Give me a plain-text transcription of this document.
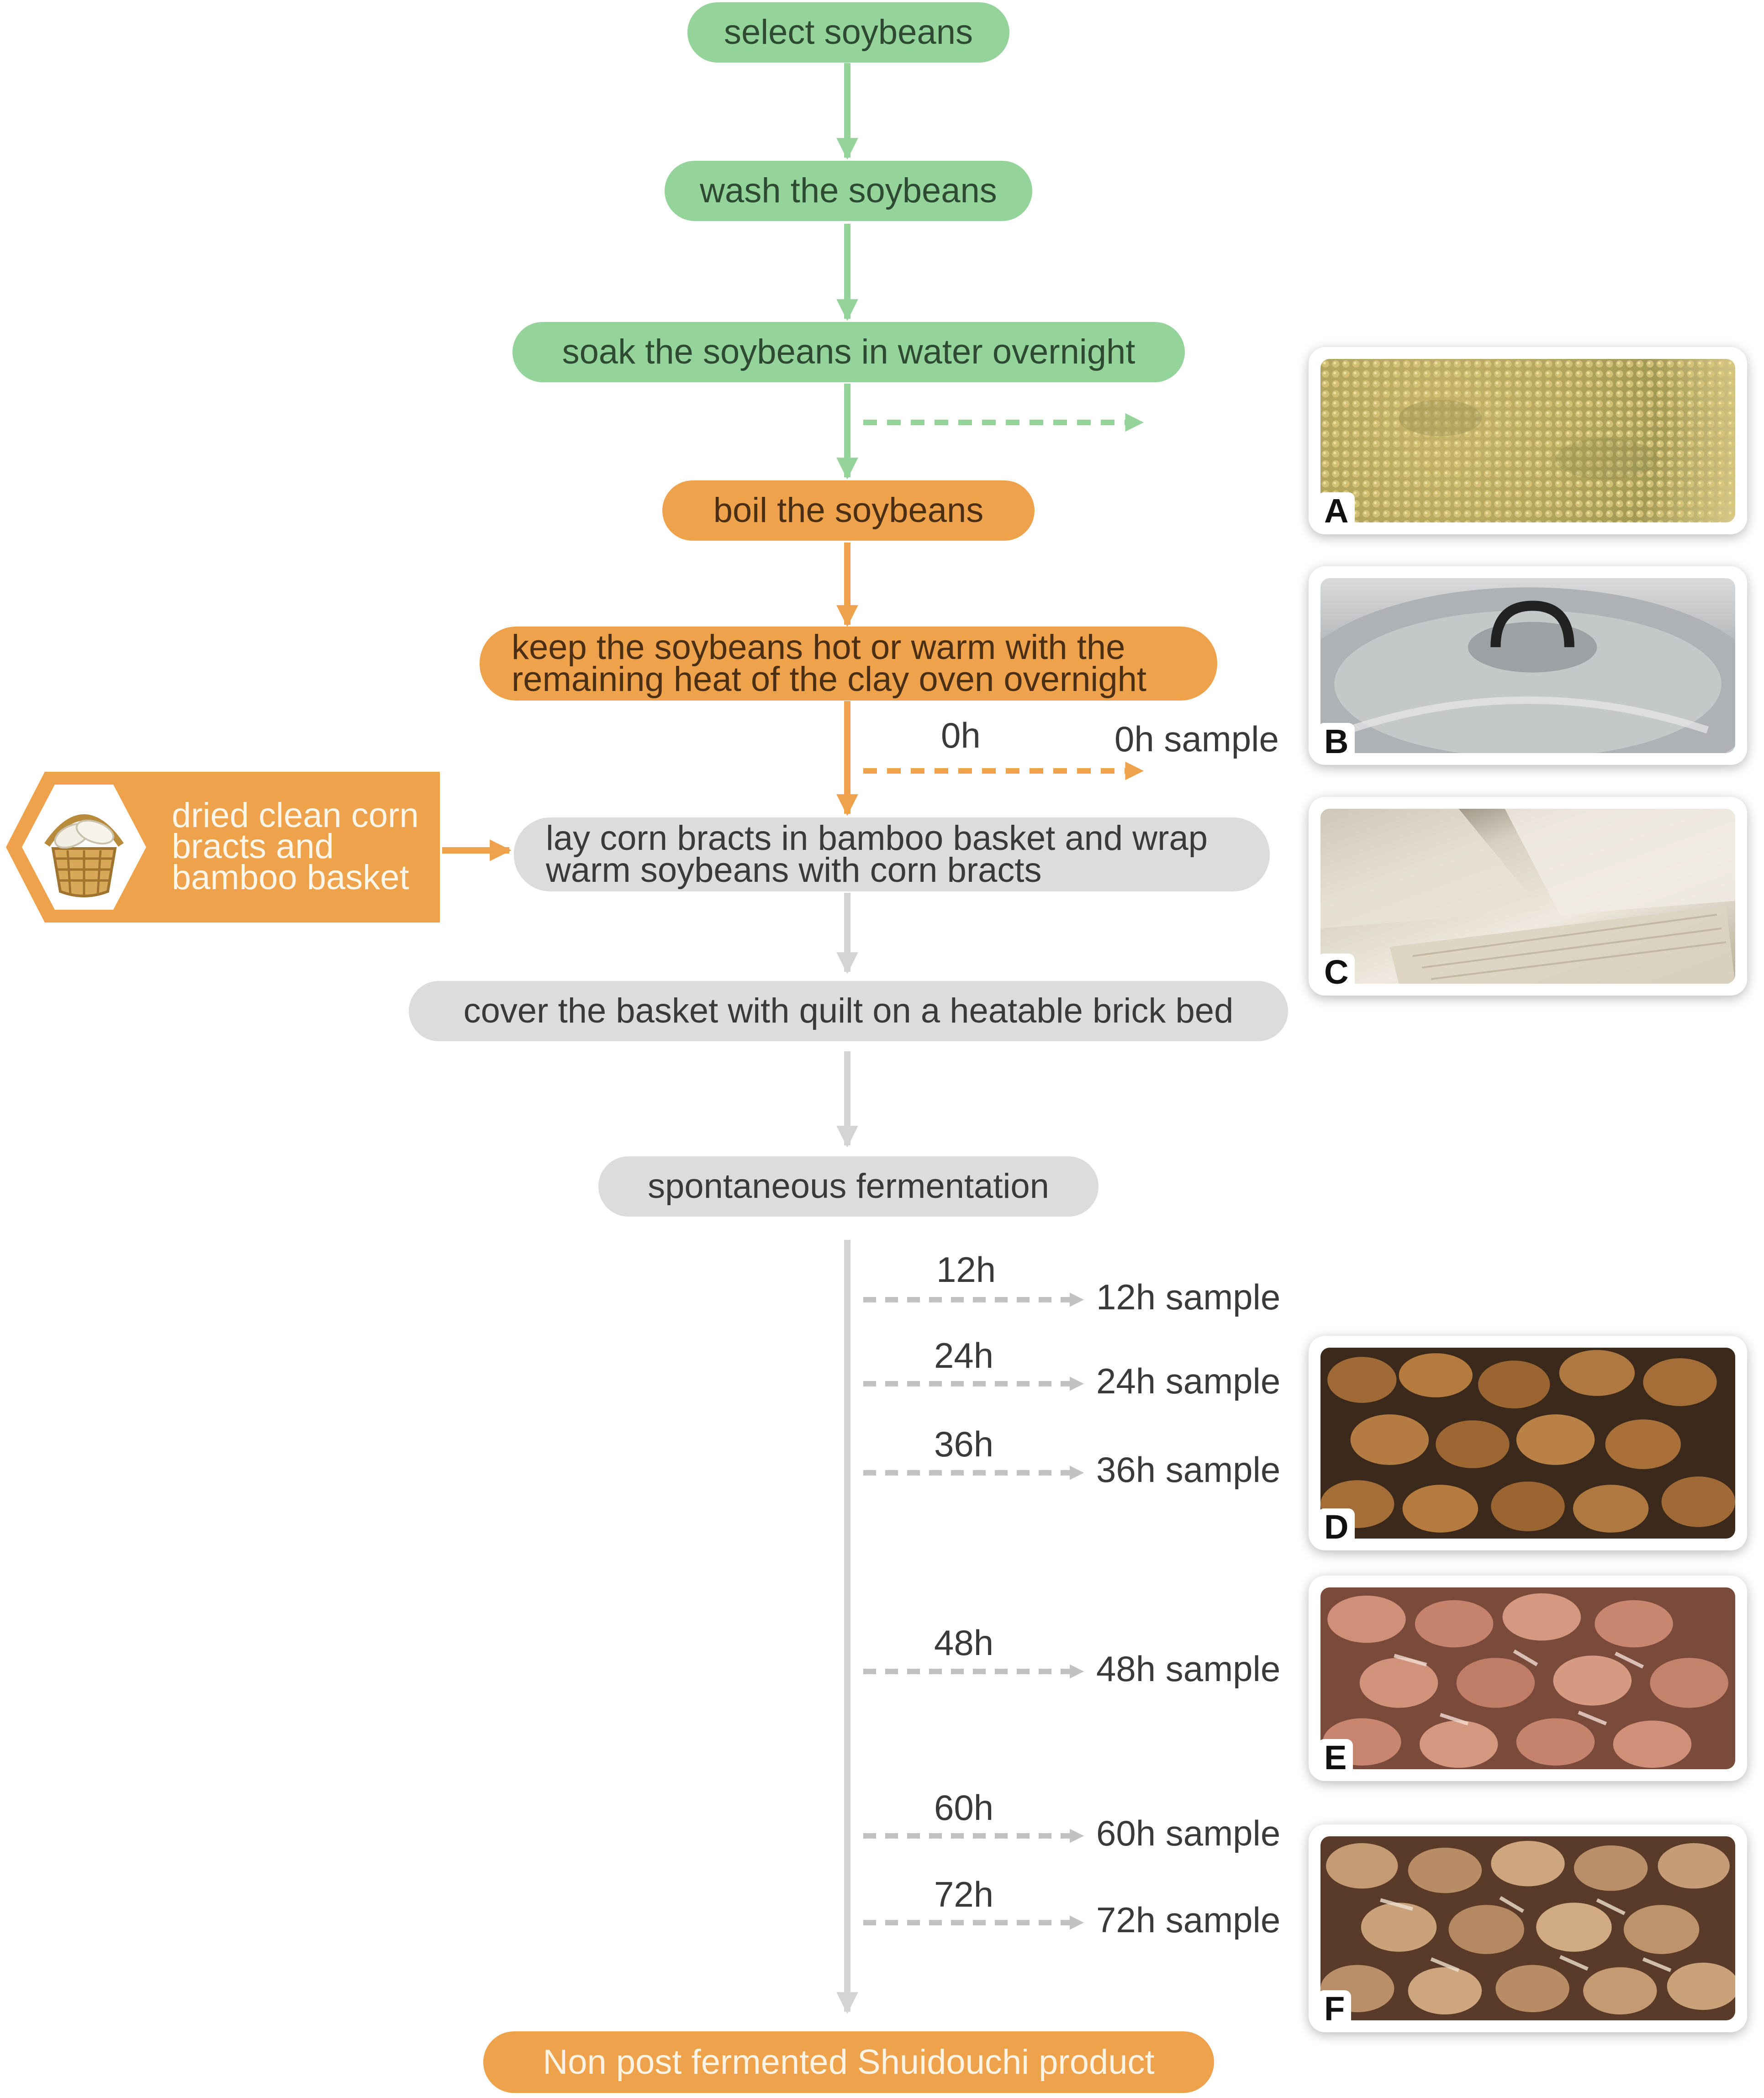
select soybeans
wash the soybeans
soak the soybeans in water overnight
boil the soybeans
keep the soybeans hot or warm with the
remaining heat of the clay oven overnight
lay corn bracts in bamboo basket and wrap
warm soybeans with corn bracts
cover the basket with quilt on a heatable brick bed
spontaneous fermentation
Non post fermented Shuidouchi product
dried clean corn
bracts and
bamboo basket
0h	0h sample
12h
12h sample
24h
24h sample
36h
36h sample
48h
48h sample
60h
60h sample
72h
72h sample
A
B
C
D
E
F
